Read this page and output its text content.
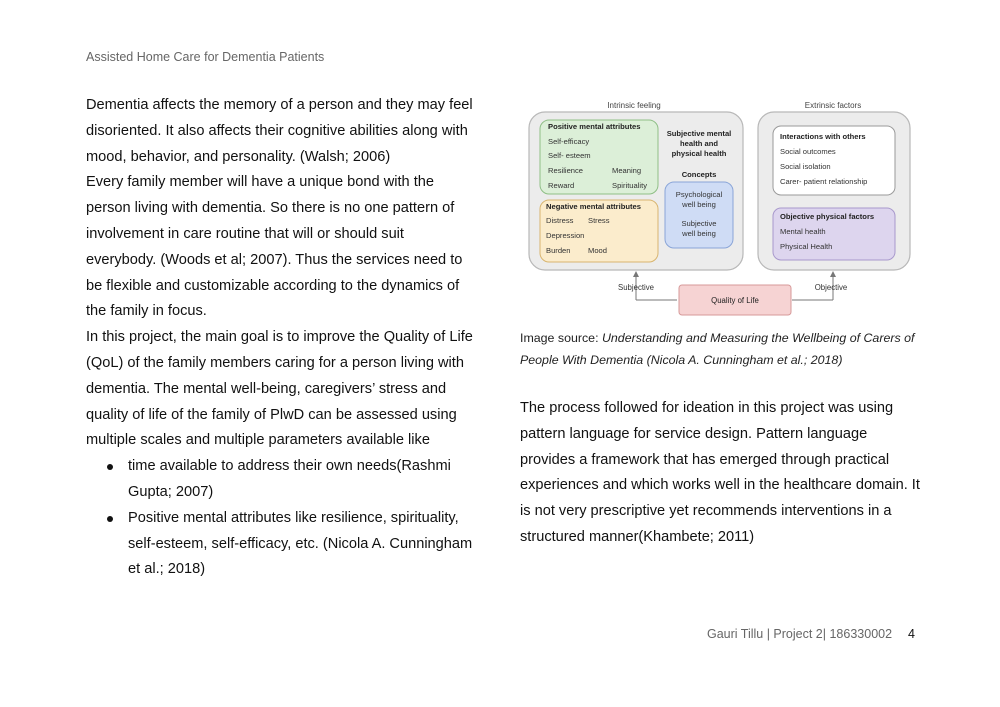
Assisted Home Care for Dementia Patients

Dementia affects the memory of a person and they may feel disoriented. It also affects their cognitive abilities along with mood, behavior, and personality. (Walsh; 2006)

Every family member will have a unique bond with the person living with dementia. So there is no one pattern of involvement in care routine that will or should suit everybody. (Woods et al; 2007). Thus the services need to be flexible and customizable according to the dynamics of the family in focus.

In this project, the main goal is to improve the Quality of Life (QoL) of the family members caring for a person living with dementia. The mental well-being, caregivers’ stress and quality of life of the family of PlwD can be assessed using multiple scales and multiple parameters available like

time available to address their own needs(Rashmi Gupta; 2007)
Positive mental attributes like resilience, spirituality, self-esteem, self-efficacy, etc. (Nicola A. Cunningham et al.; 2018)
Intrinsic feeling	Extrinsic factors
Positive mental attributes
Self-efficacy
Self- esteem
Resilience	Meaning
Reward	Spirituality
Subjective mental
health and
physical health
Concepts
Psychological
well being
Subjective
well being
Negative mental attributes
Distress Stress
Depression
Burden Mood
Interactions with others
Social outcomes
Social isolation
Carer- patient relationship
Objective physical factors
Mental health
Physical Health
Subjective	Objective
Quality of Life
Image source: Understanding and Measuring the Wellbeing of Carers of People With Dementia (Nicola A. Cunningham et al.; 2018)

The process followed for ideation in this project was using pattern language for service design. Pattern language provides a framework that has emerged through practical experiences and which works well in the healthcare domain. It is not very prescriptive yet recommends interventions in a structured manner(Khambete; 2011)

Gauri Tillu | Project 2| 186330002 4
